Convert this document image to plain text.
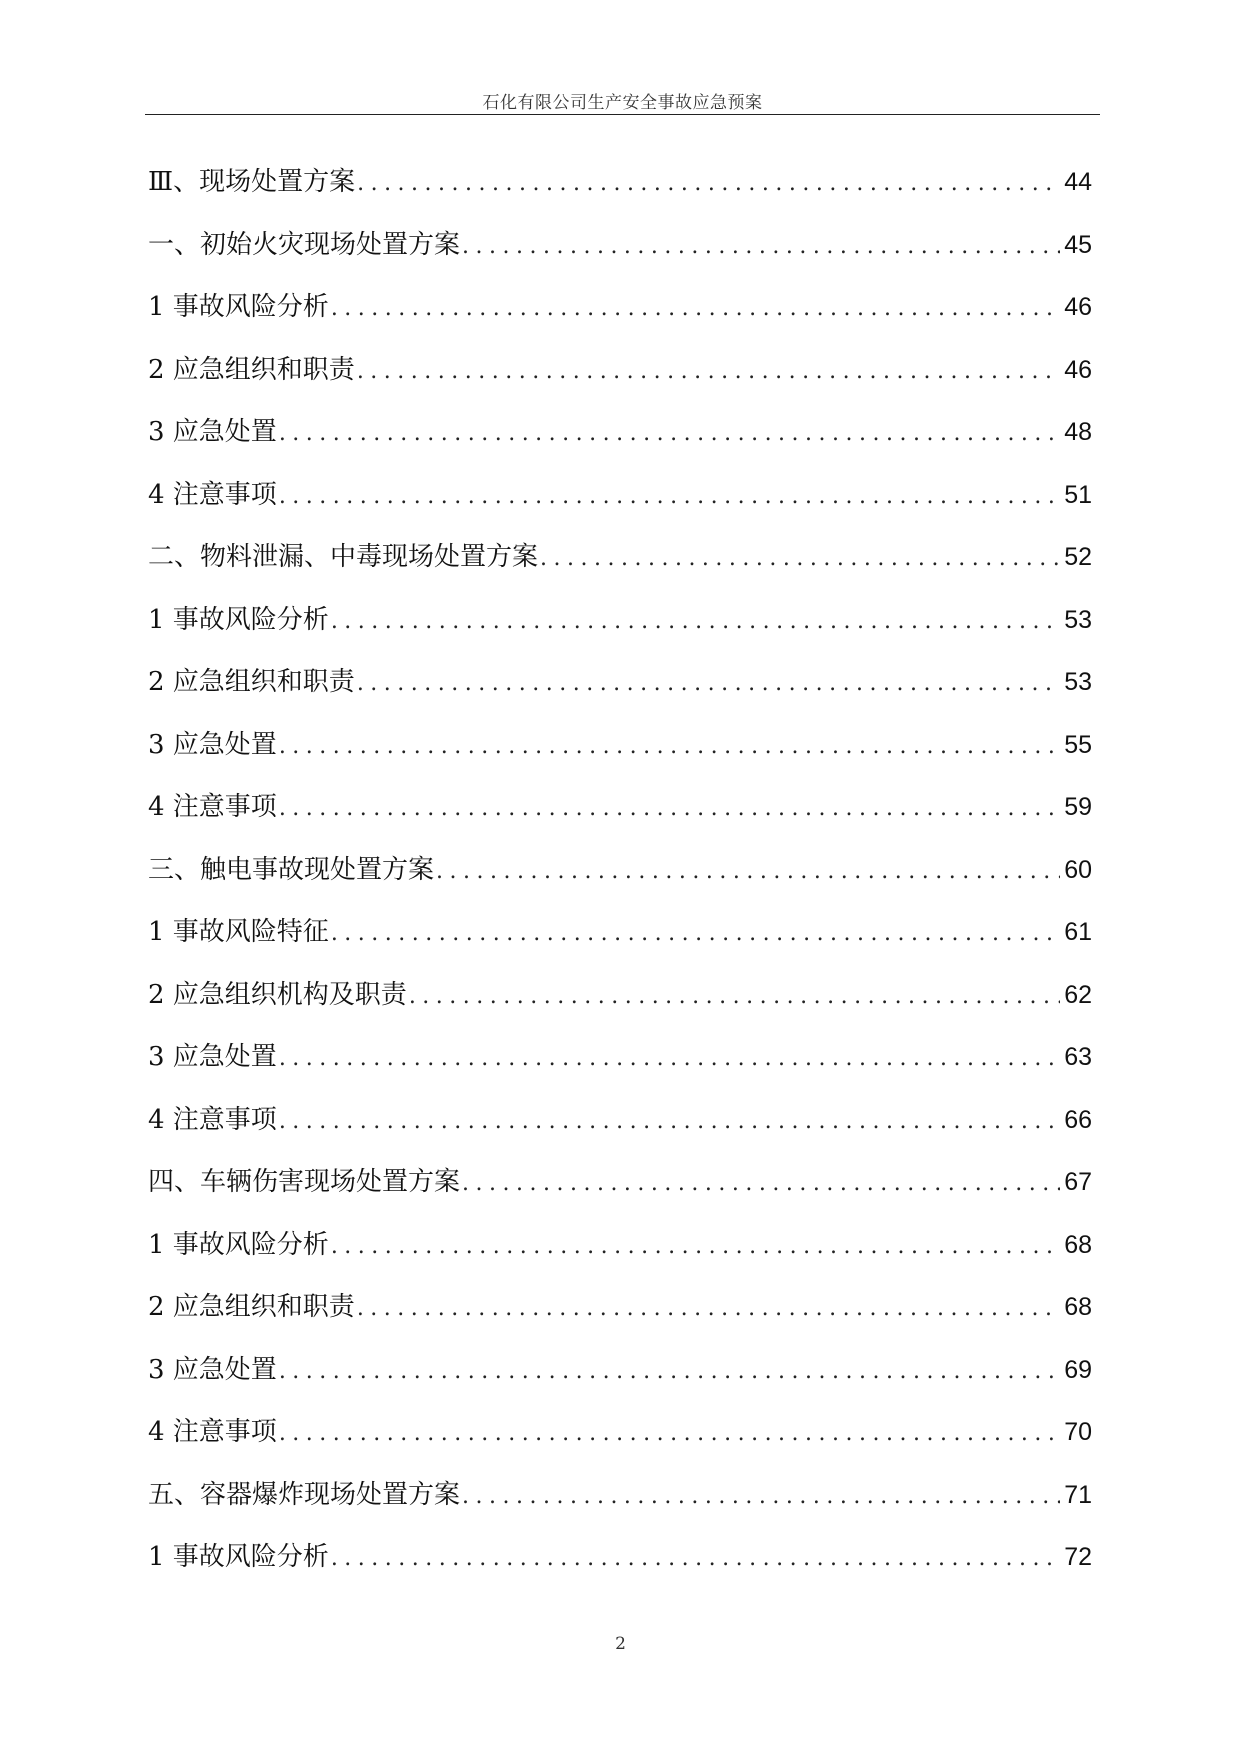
石化有限公司生产安全事故应急预案
Ⅲ、现场处置方案 .....	44
一、初始火灾现场处置方案 .....	45
1 事故风险分析 .....	46
2 应急组织和职责 .....	46
3 应急处置 .....	48
4 注意事项 .....	51
二、物料泄漏、中毒现场处置方案 .....	52
1 事故风险分析 .....	53
2 应急组织和职责 .....	53
3 应急处置 .....	55
4 注意事项 .....	59
三、触电事故现处置方案 .....	60
1 事故风险特征 .....	61
2 应急组织机构及职责 .....	62
3 应急处置 .....	63
4 注意事项 .....	66
四、车辆伤害现场处置方案 .....	67
1 事故风险分析 .....	68
2 应急组织和职责 .....	68
3 应急处置 .....	69
4 注意事项 .....	70
五、容器爆炸现场处置方案 .....	71
1 事故风险分析 .....	72
2
